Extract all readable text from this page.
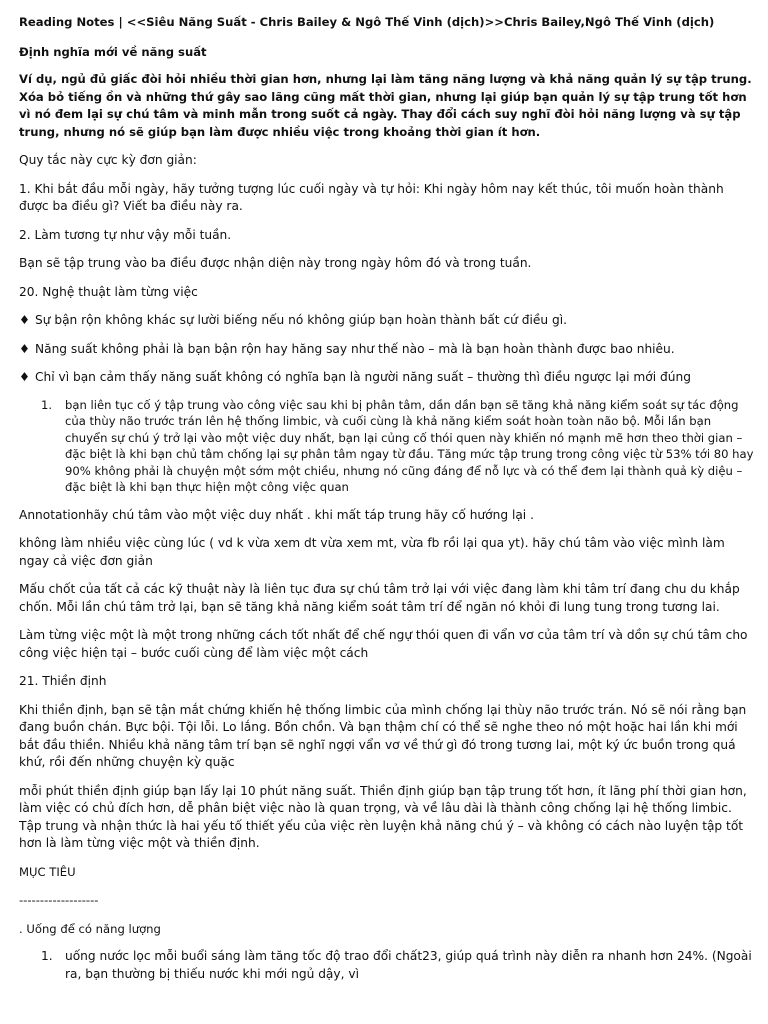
Reading Notes | <<Siêu Năng Suất - Chris Bailey & Ngô Thế Vinh (dịch)>>Chris Bailey,Ngô Thế Vinh (dịch)

Định nghĩa mới về năng suất

Ví dụ, ngủ đủ giấc đòi hỏi nhiều thời gian hơn, nhưng lại làm tăng năng lượng và khả năng quản lý sự tập trung. Xóa bỏ tiếng ồn và những thứ gây sao lãng cũng mất thời gian, nhưng lại giúp bạn quản lý sự tập trung tốt hơn vì nó đem lại sự chú tâm và minh mẫn trong suốt cả ngày. Thay đổi cách suy nghĩ đòi hỏi năng lượng và sự tập trung, nhưng nó sẽ giúp bạn làm được nhiều việc trong khoảng thời gian ít hơn.

Quy tắc này cực kỳ đơn giản:

1. Khi bắt đầu mỗi ngày, hãy tưởng tượng lúc cuối ngày và tự hỏi: Khi ngày hôm nay kết thúc, tôi muốn hoàn thành được ba điều gì? Viết ba điều này ra.

2. Làm tương tự như vậy mỗi tuần.

Bạn sẽ tập trung vào ba điều được nhận diện này trong ngày hôm đó và trong tuần.

20. Nghệ thuật làm từng việc

♦ Sự bận rộn không khác sự lười biếng nếu nó không giúp bạn hoàn thành bất cứ điều gì.
♦ Năng suất không phải là bạn bận rộn hay hăng say như thế nào – mà là bạn hoàn thành được bao nhiêu.
♦ Chỉ vì bạn cảm thấy năng suất không có nghĩa bạn là người năng suất – thường thì điều ngược lại mới đúng
1.	bạn liên tục cố ý tập trung vào công việc sau khi bị phân tâm, dần dần bạn sẽ tăng khả năng kiểm soát sự tác động của thùy não trước trán lên hệ thống limbic, và cuối cùng là khả năng kiểm soát hoàn toàn não bộ. Mỗi lần bạn chuyển sự chú ý trở lại vào một việc duy nhất, bạn lại củng cố thói quen này khiến nó mạnh mẽ hơn theo thời gian – đặc biệt là khi bạn chủ tâm chống lại sự phân tâm ngay từ đầu. Tăng mức tập trung trong công việc từ 53% tới 80 hay 90% không phải là chuyện một sớm một chiều, nhưng nó cũng đáng để nỗ lực và có thể đem lại thành quả kỳ diệu – đặc biệt là khi bạn thực hiện một công việc quan

Annotationhãy chú tâm vào một việc duy nhất . khi mất táp trung hãy cố hướng lại .

không làm nhiều việc cùng lúc ( vd k vừa xem dt vừa xem mt, vừa fb rồi lại qua yt). hãy chú tâm vào việc mình làm ngay cả việc đơn giản

Mấu chốt của tất cả các kỹ thuật này là liên tục đưa sự chú tâm trở lại với việc đang làm khi tâm trí đang chu du khắp chốn. Mỗi lần chú tâm trở lại, bạn sẽ tăng khả năng kiểm soát tâm trí để ngăn nó khỏi đi lung tung trong tương lai.

Làm từng việc một là một trong những cách tốt nhất để chế ngự thói quen đi vẩn vơ của tâm trí và dồn sự chú tâm cho công việc hiện tại – bước cuối cùng để làm việc một cách

21. Thiền định

Khi thiền định, bạn sẽ tận mắt chứng khiến hệ thống limbic của mình chống lại thùy não trước trán. Nó sẽ nói rằng bạn đang buồn chán. Bực bội. Tội lỗi. Lo lắng. Bồn chồn. Và bạn thậm chí có thể sẽ nghe theo nó một hoặc hai lần khi mới bắt đầu thiền. Nhiều khả năng tâm trí bạn sẽ nghĩ ngợi vẩn vơ về thứ gì đó trong tương lai, một ký ức buồn trong quá khứ, rồi đến những chuyện kỳ quặc

mỗi phút thiền định giúp bạn lấy lại 10 phút năng suất. Thiền định giúp bạn tập trung tốt hơn, ít lãng phí thời gian hơn, làm việc có chủ đích hơn, dễ phân biệt việc nào là quan trọng, và về lâu dài là thành công chống lại hệ thống limbic. Tập trung và nhận thức là hai yếu tố thiết yếu của việc rèn luyện khả năng chú ý – và không có cách nào luyện tập tốt hơn là làm từng việc một và thiền định.

MỤC TIÊU

-------------------

. Uống để có năng lượng

1.	uống nước lọc mỗi buổi sáng làm tăng tốc độ trao đổi chất23, giúp quá trình này diễn ra nhanh hơn 24%. (Ngoài ra, bạn thường bị thiếu nước khi mới ngủ dậy, vì
